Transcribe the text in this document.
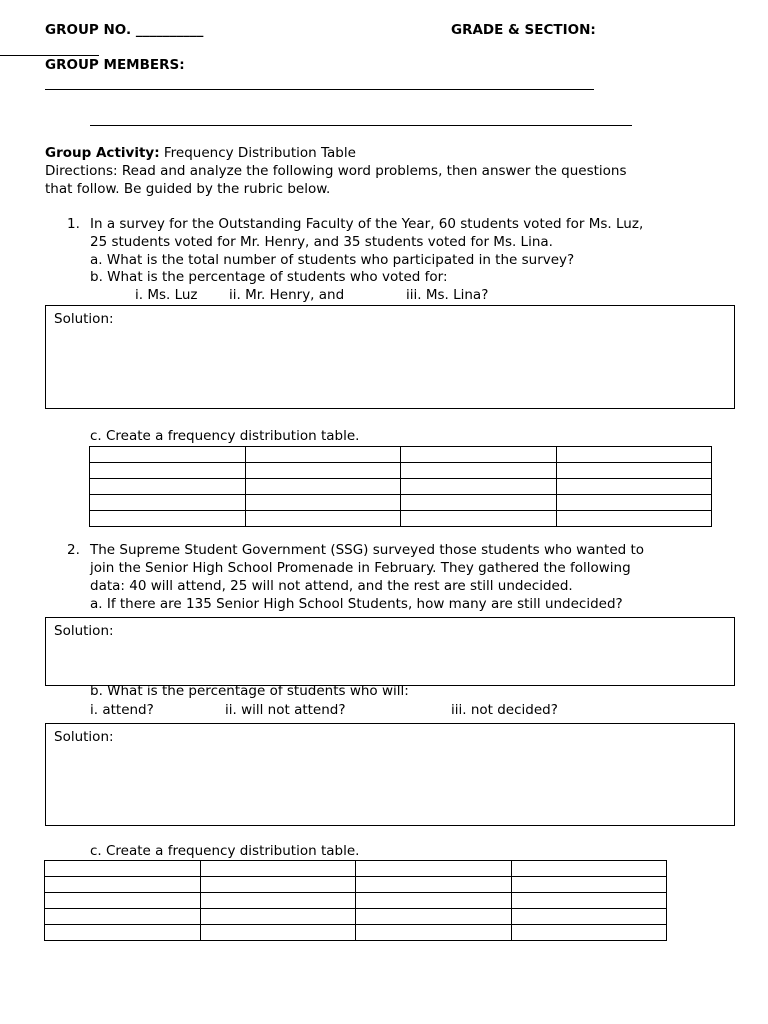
GROUP NO. __________	GRADE & SECTION:
GROUP MEMBERS:
Group Activity: Frequency Distribution Table
Directions: Read and analyze the following word problems, then answer the questions
that follow. Be guided by the rubric below.
1. In a survey for the Outstanding Faculty of the Year, 60 students voted for Ms. Luz,
25 students voted for Mr. Henry, and 35 students voted for Ms. Lina.
a. What is the total number of students who participated in the survey?
b. What is the percentage of students who voted for:
i. Ms. Luz ii. Mr. Henry, and	iii. Ms. Lina?
Solution:
c. Create a frequency distribution table.

2. The Supreme Student Government (SSG) surveyed those students who wanted to
join the Senior High School Promenade in February. They gathered the following
data: 40 will attend, 25 will not attend, and the rest are still undecided.
a. If there are 135 Senior High School Students, how many are still undecided?
Solution:
b. What is the percentage of students who will:
i. attend?	ii. will not attend?	iii. not decided?
Solution:
c. Create a frequency distribution table.
